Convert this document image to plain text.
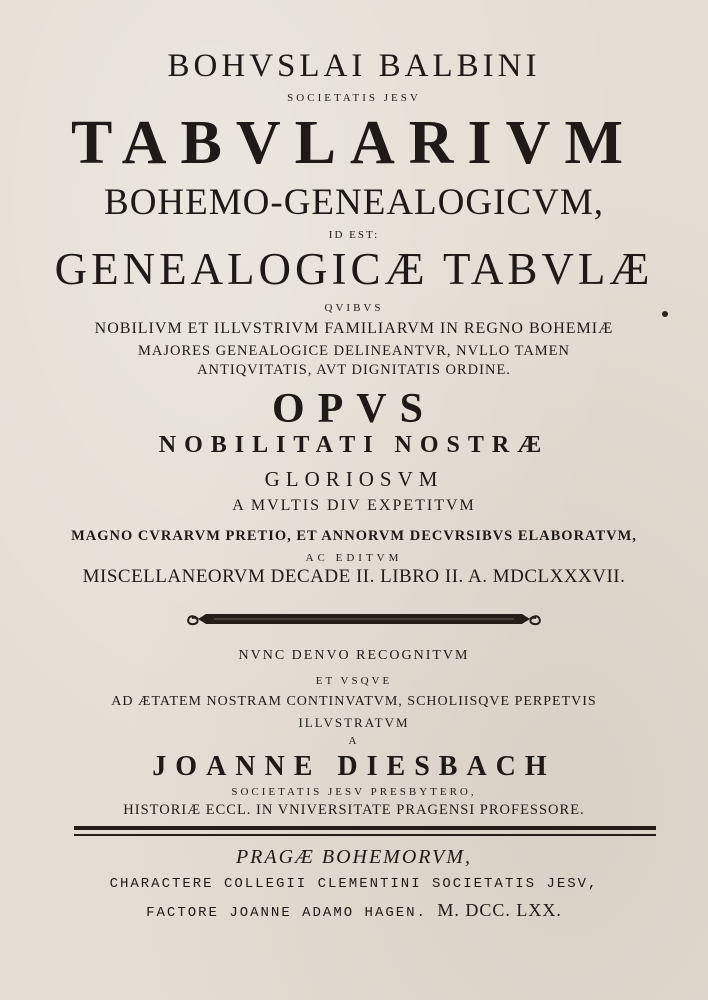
BOHVSLAI BALBINI
SOCIETATIS JESV
TABVLARIVM
BOHEMO-GENEALOGICVM,
ID EST:
GENEALOGICÆ TABVLÆ
QVIBVS
NOBILIVM ET ILLVSTRIVM FAMILIARVM IN REGNO BOHEMIÆ
MAJORES GENEALOGICE DELINEANTVR, NVLLO TAMEN
ANTIQVITATIS, AVT DIGNITATIS ORDINE.
OPVS
NOBILITATI NOSTRÆ
GLORIOSVM
A MVLTIS DIV EXPETITVM
MAGNO CVRARVM PRETIO, ET ANNORVM DECVRSIBVS ELABORATVM,
AC EDITVM
MISCELLANEORVM DECADE II. LIBRO II. A. MDCLXXXVII.
NVNC DENVO RECOGNITVM
ET VSQVE
AD ÆTATEM NOSTRAM CONTINVATVM, SCHOLIISQVE PERPETVIS
ILLVSTRATVM
A
JOANNE DIESBACH
SOCIETATIS JESV PRESBYTERO,
HISTORIÆ ECCL. IN VNIVERSITATE PRAGENSI PROFESSORE.
PRAGÆ BOHEMORVM,
CHARACTERE COLLEGII CLEMENTINI SOCIETATIS JESV,
FACTORE JOANNE ADAMO HAGEN. M. DCC. LXX.
